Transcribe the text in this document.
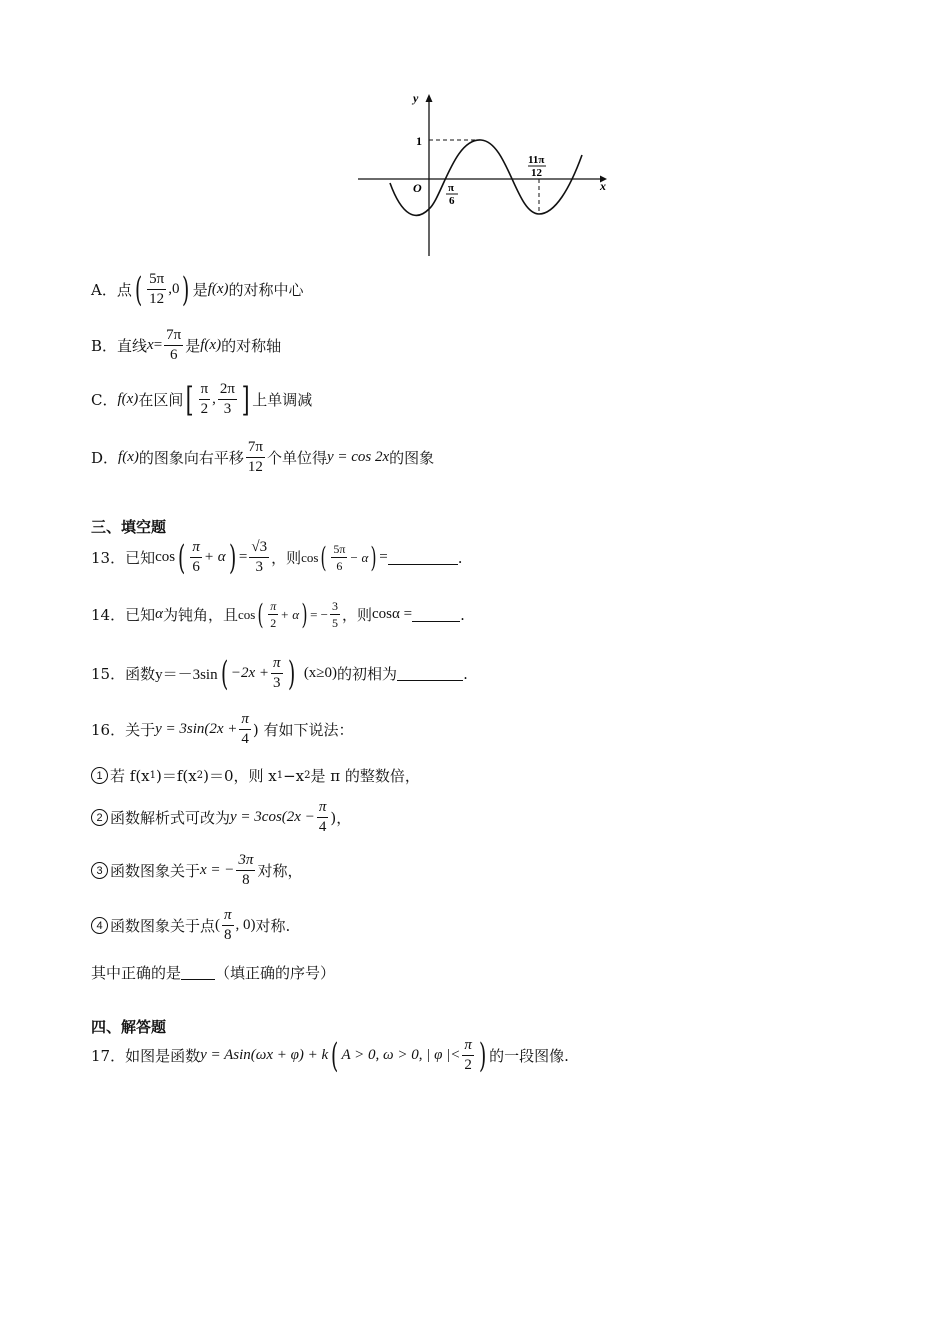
y
x
O
1
π
6
11π
12
A．点 ( $\frac{5\pi}{12} ,0$ ) 是 f(x) 的对称中心
B．直线 $x = \frac{7\pi}{6}$ 是 f(x) 的对称轴
C． f(x) 在区间 [ $\frac{\pi}{2}$ , $\frac{2\pi}{3}$ ] 上单调减
D． f(x) 的图象向右平移 $\frac{7\pi}{12}$ 个单位得 y = cos 2x 的图象
三、填空题
13．已知 cos ( $\frac{\pi}{6} + \alpha$ ) = $\frac{√3}{3}$ ，则 cos ( $\frac{5\pi}{6} - \alpha$ ) =	.
14．已知 α 为钝角，且 cos ( $\frac{\pi}{2} + \alpha$ ) = − $\frac{3}{5}$ ，则 cosα =	.
15．函数 y＝－3sin ( $-2x + \frac{\pi}{3}$ ) (x≥0) 的初相为	.
16．关于 $y = 3\sin(2x + \frac{\pi}{4}$ ) 有如下说法：
1 若 f(x 1 )＝f(x 2 )＝0，则 x 1 −x 2 是 π 的整数倍，
2 函数解析式可改为 $y = 3\cos(2x - \frac{\pi}{4}$ )，
3 函数图象关于 x = − $\frac{3\pi}{8}$ 对称，
4 函数图象关于点 ( $\frac{\pi}{8}$ , 0) 对称.
其中正确的是 （填正确的序号）
四、解答题
17．如图是函数 y = Asin(ωx + φ) + k ( A > 0, ω > 0, | φ |< $\frac{\pi}{2}$ ) 的一段图像.
